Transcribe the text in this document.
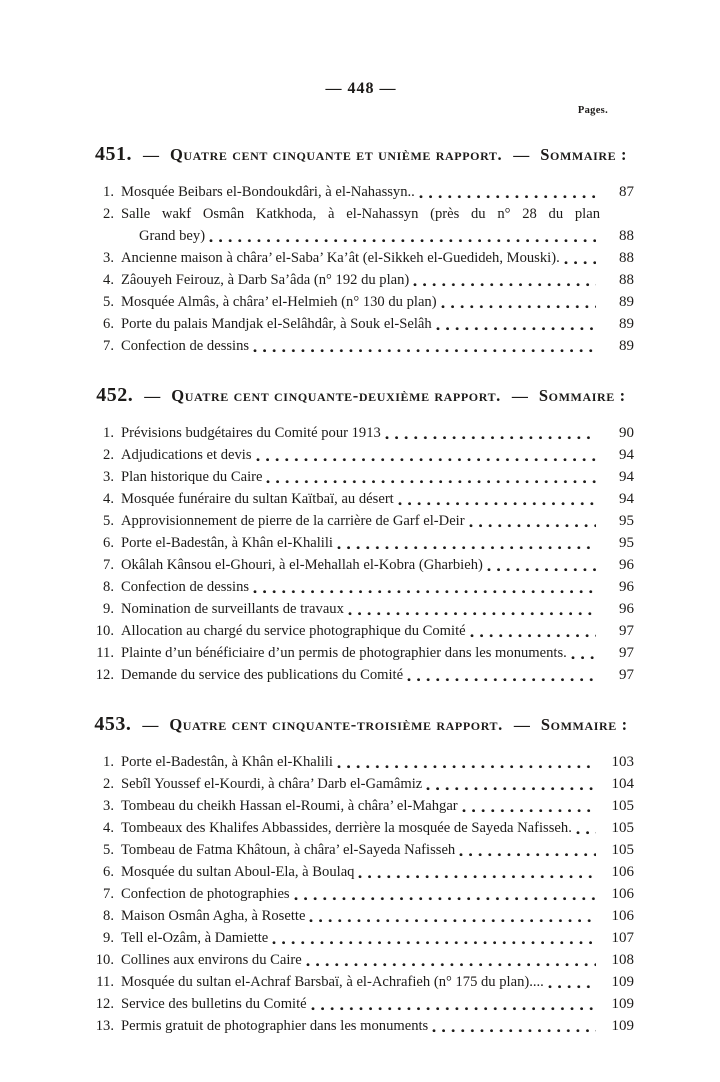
— 448 —
Pages.
451. — Quatre cent cinquante et unième rapport. — Sommaire :
1. Mosquée Beibars el-Bondoukdâri, à el-Nahassyn..	87
2. Salle wakf Osmân Katkhoda, à el-Nahassyn (près du n° 28 du plan
Grand bey)	88
3. Ancienne maison à châra’ el-Saba’ Ka’ât (el-Sikkeh el-Guedideh, Mouski).	88
4. Zâouyeh Feirouz, à Darb Sa’âda (n° 192 du plan)	88
5. Mosquée Almâs, à châra’ el-Helmieh (n° 130 du plan)	89
6. Porte du palais Mandjak el-Selâhdâr, à Souk el-Selâh	89
7. Confection de dessins	89
452. — Quatre cent cinquante-deuxième rapport. — Sommaire :
1. Prévisions budgétaires du Comité pour 1913	90
2. Adjudications et devis	94
3. Plan historique du Caire	94
4. Mosquée funéraire du sultan Kaïtbaï, au désert	94
5. Approvisionnement de pierre de la carrière de Garf el-Deir	95
6. Porte el-Badestân, à Khân el-Khalili	95
7. Okâlah Kânsou el-Ghouri, à el-Mehallah el-Kobra (Gharbieh)	96
8. Confection de dessins	96
9. Nomination de surveillants de travaux	96
10. Allocation au chargé du service photographique du Comité	97
11. Plainte d’un bénéficiaire d’un permis de photographier dans les monuments.	97
12. Demande du service des publications du Comité	97
453. — Quatre cent cinquante-troisième rapport. — Sommaire :
1. Porte el-Badestân, à Khân el-Khalili	103
2. Sebîl Youssef el-Kourdi, à châra’ Darb el-Gamâmiz	104
3. Tombeau du cheikh Hassan el-Roumi, à châra’ el-Mahgar	105
4. Tombeaux des Khalifes Abbassides, derrière la mosquée de Sayeda Nafisseh.	105
5. Tombeau de Fatma Khâtoun, à châra’ el-Sayeda Nafisseh	105
6. Mosquée du sultan Aboul-Ela, à Boulaq	106
7. Confection de photographies	106
8. Maison Osmân Agha, à Rosette	106
9. Tell el-Ozâm, à Damiette	107
10. Collines aux environs du Caire	108
11. Mosquée du sultan el-Achraf Barsbaï, à el-Achrafieh (n° 175 du plan)....	109
12. Service des bulletins du Comité	109
13. Permis gratuit de photographier dans les monuments	109
